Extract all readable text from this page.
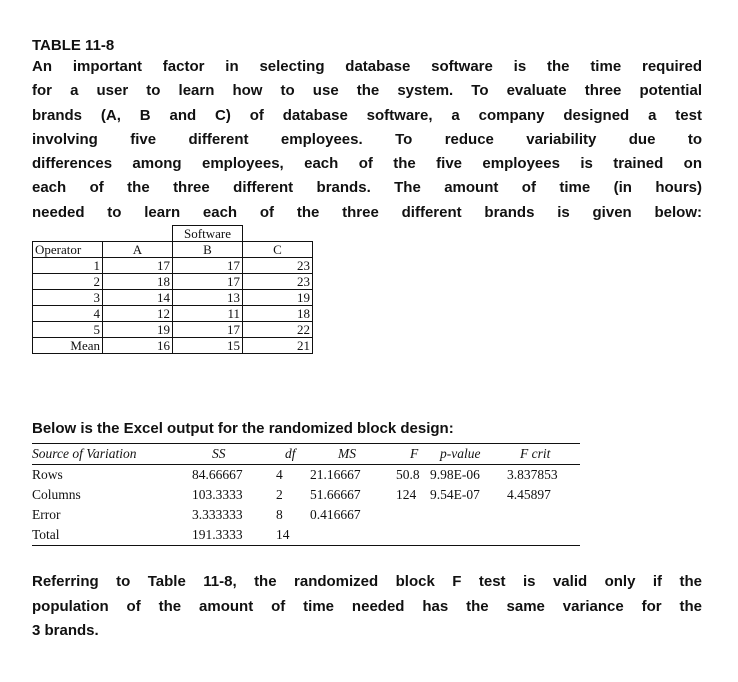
TABLE 11-8
An important factor in selecting database software is the time required
for a user to learn how to use the system. To evaluate three potential
brands (A, B and C) of database software, a company designed a test
involving five different employees. To reduce variability due to
differences among employees, each of the five employees is trained on
each of the three different brands. The amount of time (in hours)
needed to learn each of the three different brands is given below:
		Software	
Operator	A	B	C
1	17	17	23
2	18	17	23
3	14	13	19
4	12	11	18
5	19	17	22
Mean	16	15	21
Below is the Excel output for the randomized block design:
Source of Variation	SS	df	MS	F p-value	F crit
Rows	84.66667 4 21.16667	50.8 9.98E-06 3.837853
Columns	103.3333 2 51.66667	124 9.54E-07 4.45897
Error	3.333333 8 0.416667
Total	191.3333 14
Referring to Table 11-8, the randomized block F test is valid only if the
population of the amount of time needed has the same variance for the
3 brands.
